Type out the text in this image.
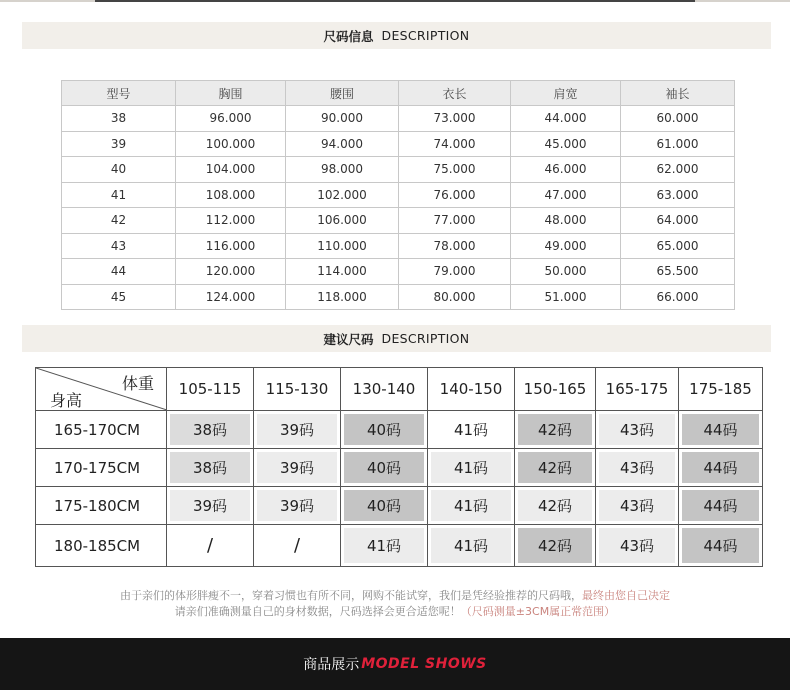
尺码信息 DESCRIPTION
型号	胸围	腰围	衣长	肩宽	袖长
38	96.000	90.000	73.000	44.000	60.000
39	100.000	94.000	74.000	45.000	61.000
40	104.000	98.000	75.000	46.000	62.000
41	108.000	102.000	76.000	47.000	63.000
42	112.000	106.000	77.000	48.000	64.000
43	116.000	110.000	78.000	49.000	65.000
44	120.000	114.000	79.000	50.000	65.500
45	124.000	118.000	80.000	51.000	66.000
建议尺码 DESCRIPTION
体重
身高	105-115	115-130	130-140	140-150	150-165	165-175	175-185
165-170CM	38码	39码	40码	41码	42码	43码	44码

170-175CM	38码	39码	40码	41码	42码	43码	44码

175-180CM	39码	39码	40码	41码	42码	43码	44码

180-185CM	/	/	41码	41码	42码	43码	44码
由于亲们的体形胖瘦不一，穿着习惯也有所不同，网购不能试穿，我们是凭经验推荐的尺码哦，最终由您自己决定
请亲们准确测量自己的身材数据，尺码选择会更合适您呢！（尺码测量±3CM属正常范围）
商品展示 MODEL SHOWS
